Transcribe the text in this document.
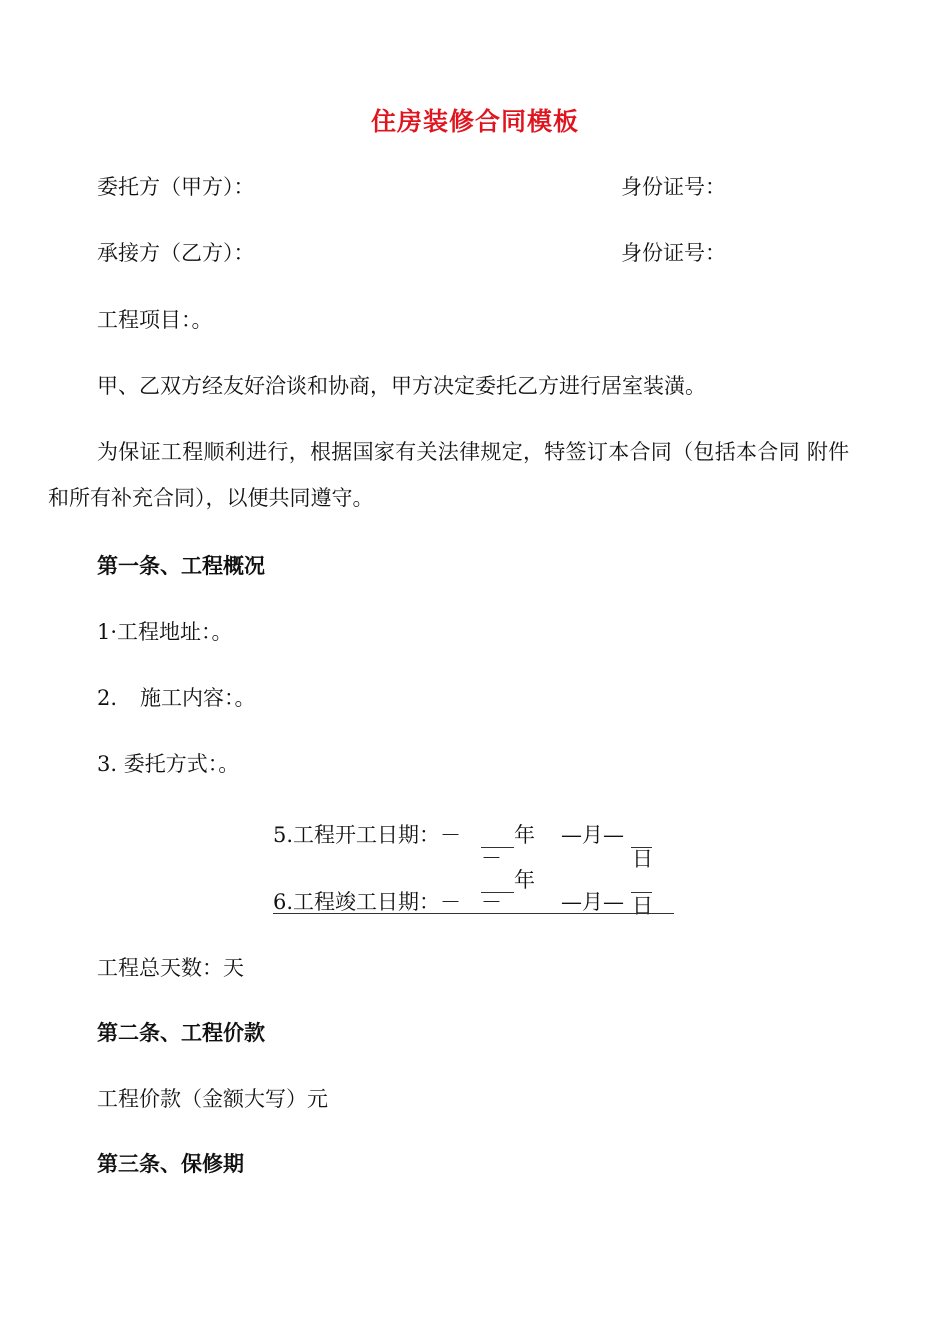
住房装修合同模板
委托方（甲方）：	身份证号：
承接方（乙方）：	身份证号：
工程项目：。
甲、乙双方经友好洽谈和协商，甲方决定委托乙方进行居室装潢。
为保证工程顺利进行，根据国家有关法律规定，特签订本合同（包括本合同 附件
和所有补充合同），以便共同遵守。
第一条、工程概况
1·工程地址：。
2. 施工内容：。
3. 委托方式：。
5.工程开工日期：－	年 —月—
－	日
年
6.工程竣工日期：－ －	—月— 日
工程总天数：天
第二条、工程价款
工程价款（金额大写）元
第三条、保修期
